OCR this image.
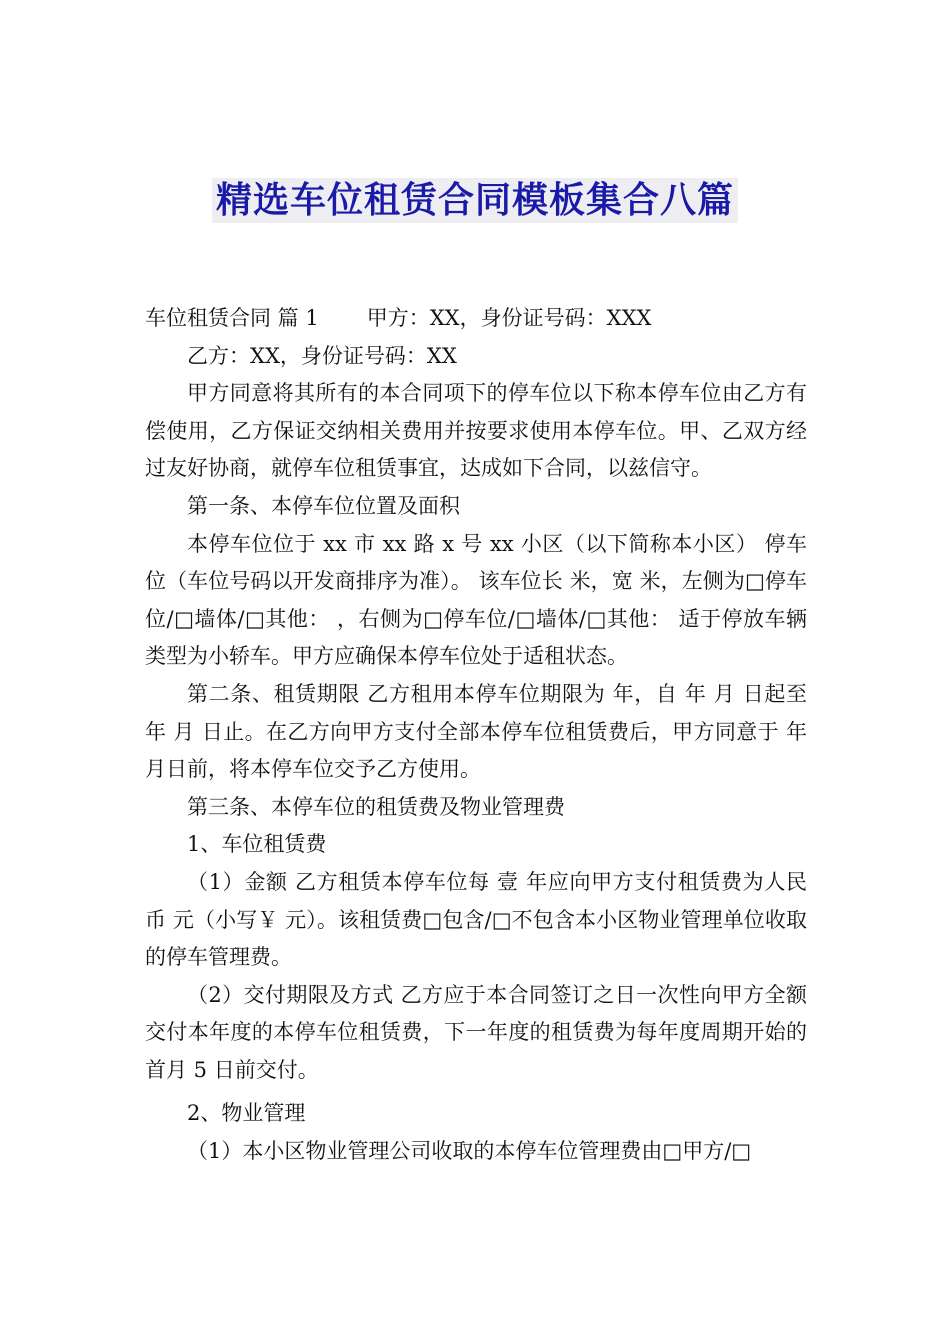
精选车位租赁合同模板集合八篇

车位租赁合同 篇 1 甲方：XX，身份证号码：XXX

乙方：XX，身份证号码：XX

甲方同意将其所有的本合同项下的停车位以下称本停车位由乙方有偿使用，乙方保证交纳相关费用并按要求使用本停车位。甲、乙双方经过友好协商，就停车位租赁事宜，达成如下合同，以兹信守。

第一条、本停车位位置及面积

本停车位位于 xx 市 xx 路 x 号 xx 小区（以下简称本小区） 停车位（车位号码以开发商排序为准）。 该车位长 米，宽 米，左侧为□停车位/□墙体/□其他： ，右侧为□停车位/□墙体/□其他： 适于停放车辆类型为小轿车。甲方应确保本停车位处于适租状态。

第二条、租赁期限 乙方租用本停车位期限为 年，自 年 月 日起至 年 月 日止。在乙方向甲方支付全部本停车位租赁费后，甲方同意于 年 月日前，将本停车位交予乙方使用。

第三条、本停车位的租赁费及物业管理费

1、车位租赁费

（1）金额 乙方租赁本停车位每 壹 年应向甲方支付租赁费为人民币 元（小写￥ 元）。该租赁费□包含/□不包含本小区物业管理单位收取的停车管理费。

（2）交付期限及方式 乙方应于本合同签订之日一次性向甲方全额交付本年度的本停车位租赁费，下一年度的租赁费为每年度周期开始的首月 5 日前交付。

2、物业管理

（1）本小区物业管理公司收取的本停车位管理费由□甲方/□
